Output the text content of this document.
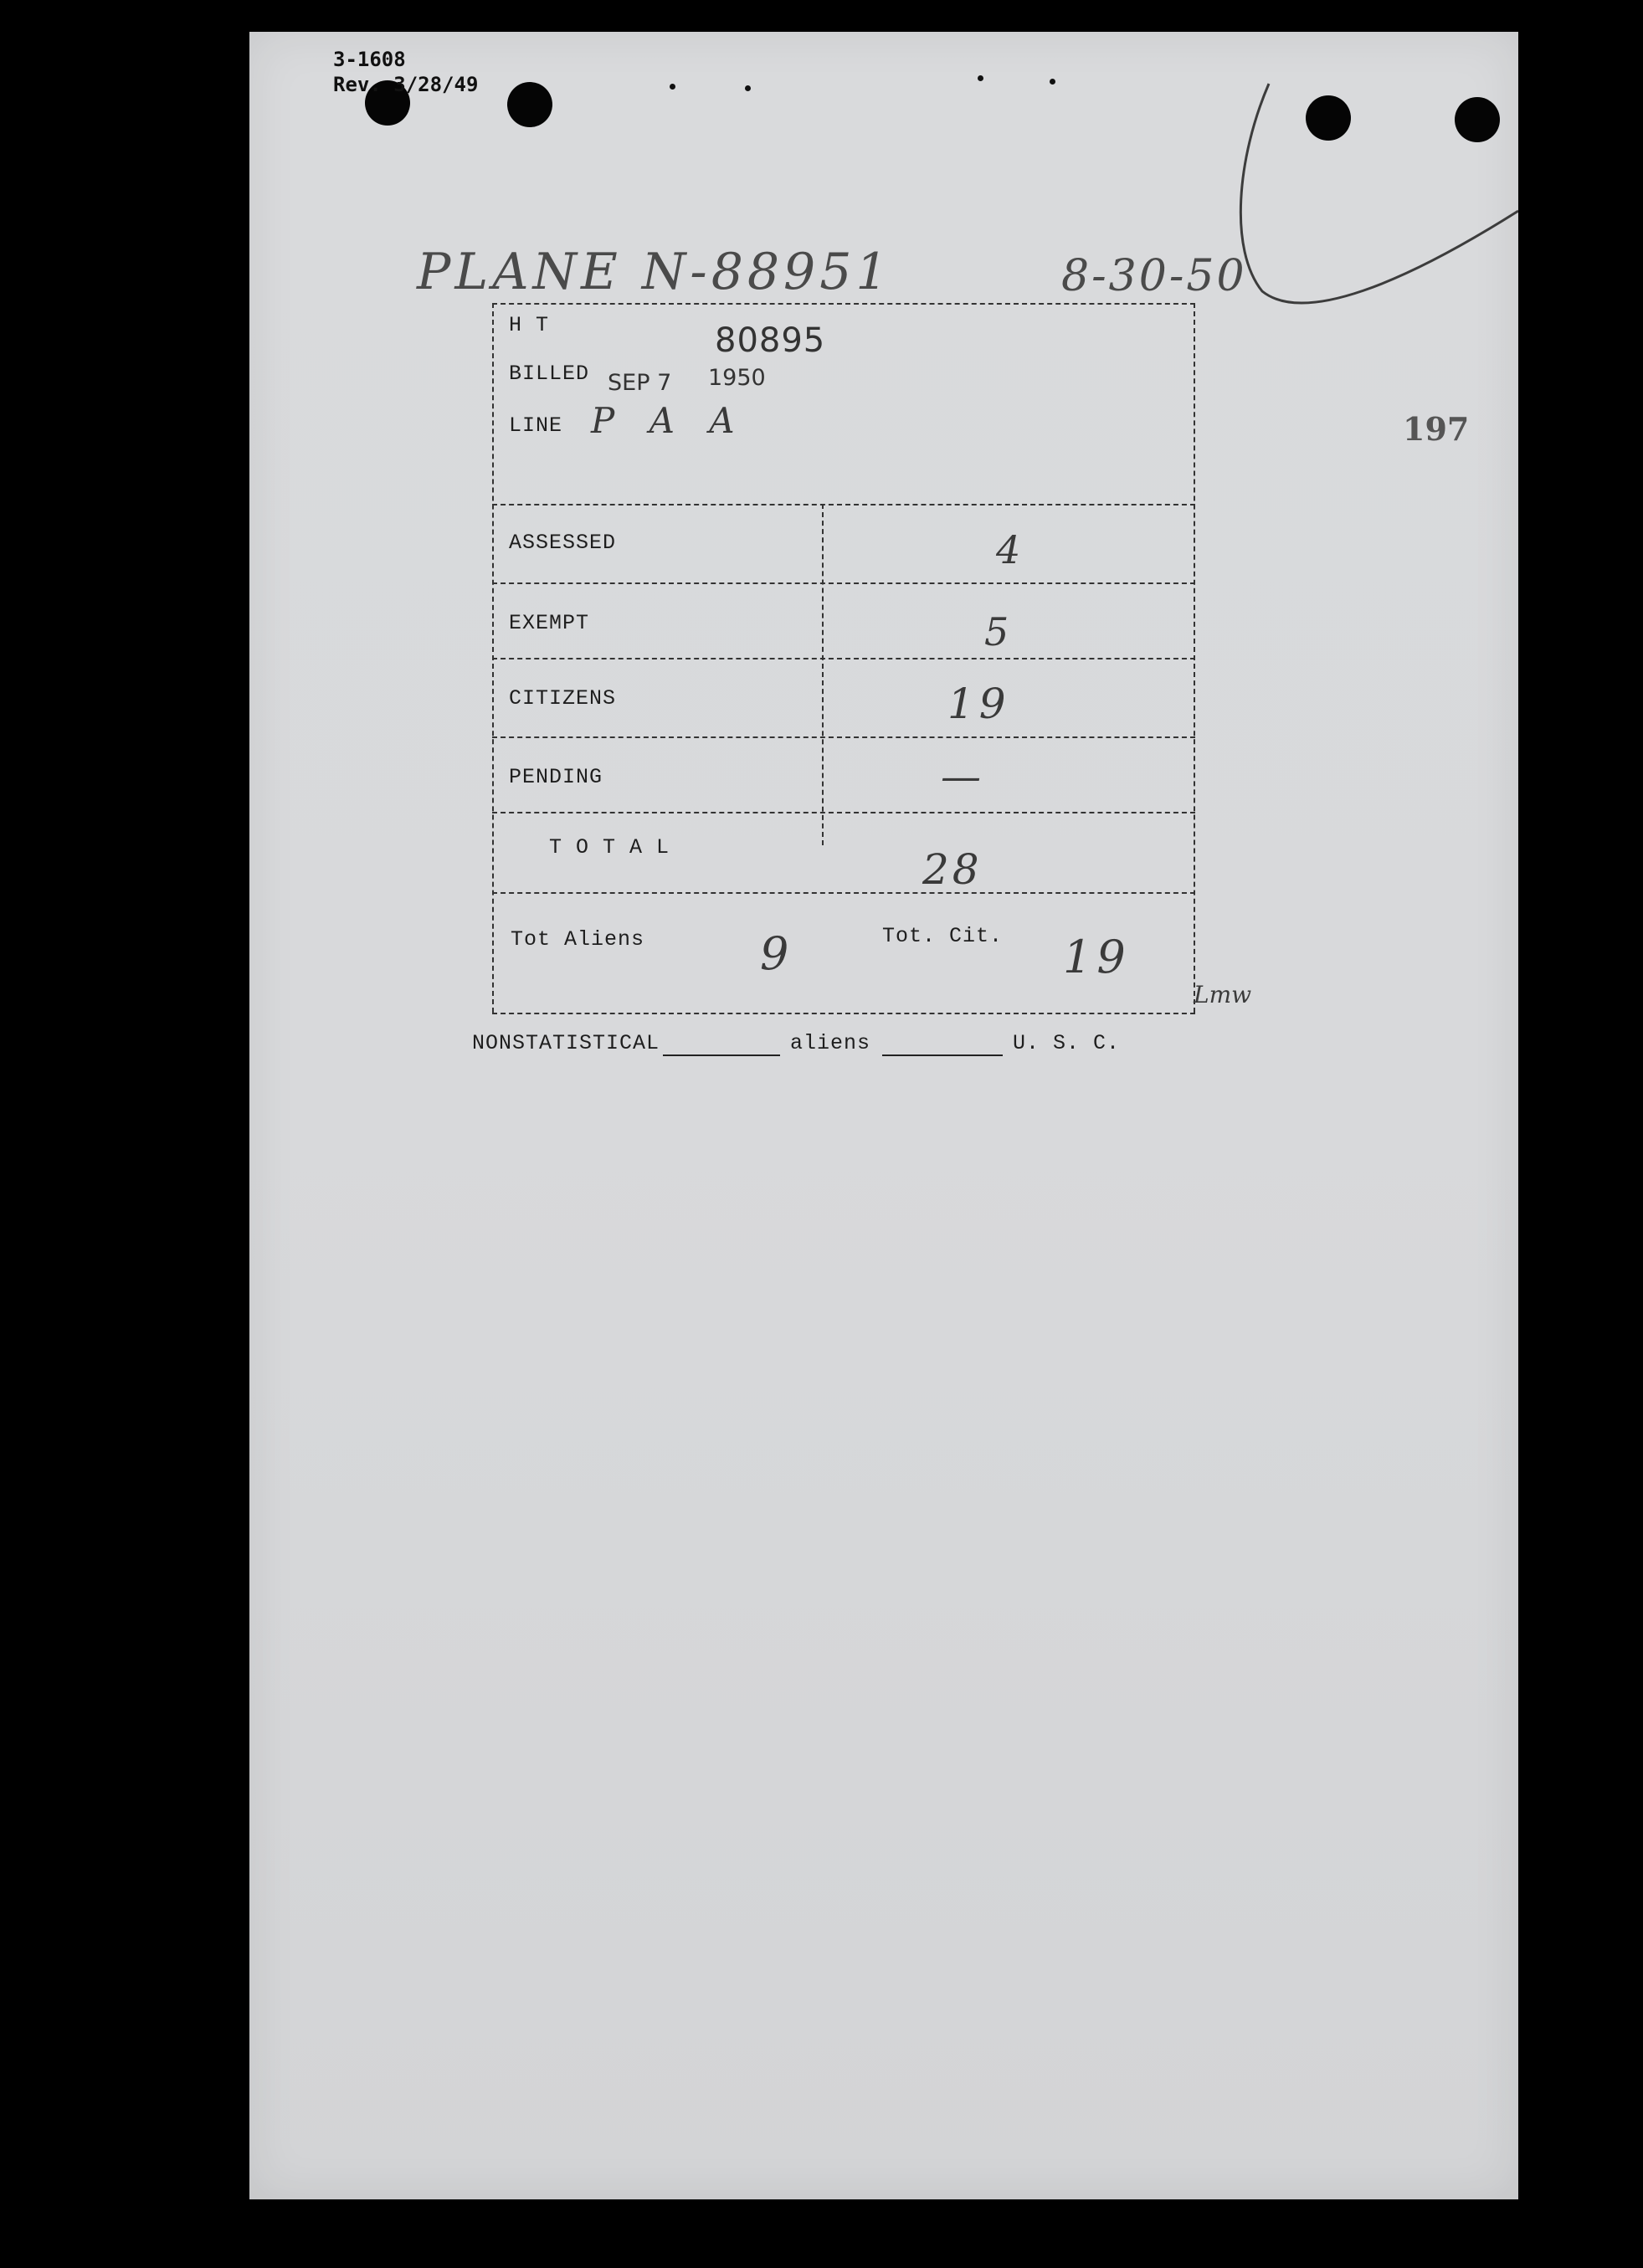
3-1608
Rev. 3/28/49
PLANE N-88951	8-30-50
197
H T	80895
BILLED SEP 7 1950
LINE P A A
ASSESSED	4
EXEMPT	5
CITIZENS	19
PENDING	—
T O T A L	28
Tot Aliens	9	Tot. Cit. 19
Lmw
NONSTATISTICAL	aliens	U. S. C.
